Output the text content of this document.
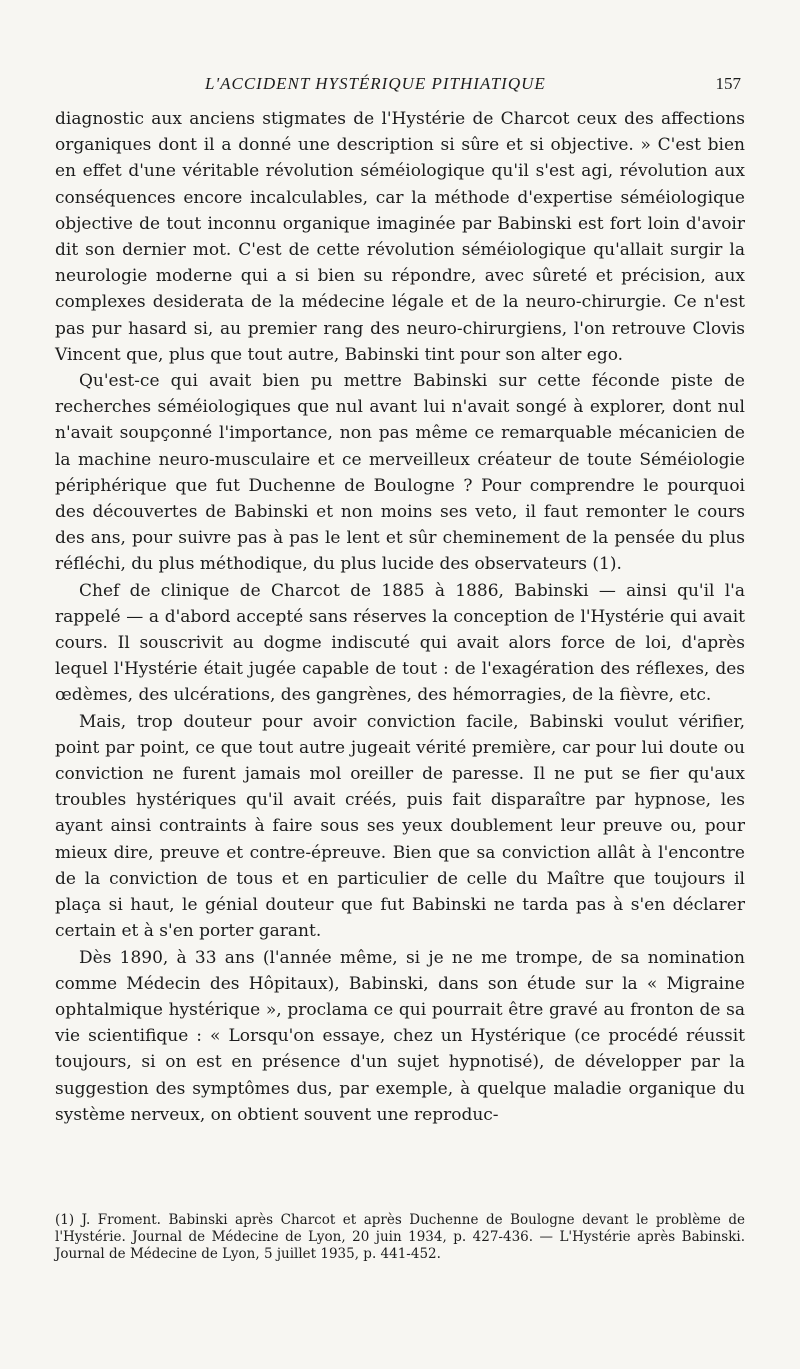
L'ACCIDENT HYSTÉRIQUE PITHIATIQUE	157

diagnostic aux anciens stigmates de l'Hystérie de Charcot ceux des affections organiques dont il a donné une description si sûre et si objective. » C'est bien en effet d'une véritable révolution séméiologique qu'il s'est agi, révolution aux conséquences encore incalculables, car la méthode d'expertise séméiologique objective de tout inconnu organique imaginée par Babinski est fort loin d'avoir dit son dernier mot. C'est de cette révolution séméiologique qu'allait surgir la neurologie moderne qui a si bien su répondre, avec sûreté et précision, aux complexes desiderata de la médecine légale et de la neuro-chirurgie. Ce n'est pas pur hasard si, au premier rang des neuro-chirurgiens, l'on retrouve Clovis Vincent que, plus que tout autre, Babinski tint pour son alter ego.

Qu'est-ce qui avait bien pu mettre Babinski sur cette féconde piste de recherches séméiologiques que nul avant lui n'avait songé à explorer, dont nul n'avait soupçonné l'importance, non pas même ce remarquable mécanicien de la machine neuro-musculaire et ce merveilleux créateur de toute Séméiologie périphérique que fut Duchenne de Boulogne ? Pour comprendre le pourquoi des découvertes de Babinski et non moins ses veto, il faut remonter le cours des ans, pour suivre pas à pas le lent et sûr cheminement de la pensée du plus réfléchi, du plus méthodique, du plus lucide des observateurs (1).

Chef de clinique de Charcot de 1885 à 1886, Babinski — ainsi qu'il l'a rappelé — a d'abord accepté sans réserves la conception de l'Hystérie qui avait cours. Il souscrivit au dogme indiscuté qui avait alors force de loi, d'après lequel l'Hystérie était jugée capable de tout : de l'exagération des réflexes, des œdèmes, des ulcérations, des gangrènes, des hémorragies, de la fièvre, etc.

Mais, trop douteur pour avoir conviction facile, Babinski voulut vérifier, point par point, ce que tout autre jugeait vérité première, car pour lui doute ou conviction ne furent jamais mol oreiller de paresse. Il ne put se fier qu'aux troubles hystériques qu'il avait créés, puis fait disparaître par hypnose, les ayant ainsi contraints à faire sous ses yeux doublement leur preuve ou, pour mieux dire, preuve et contre-épreuve. Bien que sa conviction allât à l'encontre de la conviction de tous et en particulier de celle du Maître que toujours il plaça si haut, le génial douteur que fut Babinski ne tarda pas à s'en déclarer certain et à s'en porter garant.

Dès 1890, à 33 ans (l'année même, si je ne me trompe, de sa nomination comme Médecin des Hôpitaux), Babinski, dans son étude sur la « Migraine ophtalmique hystérique », proclama ce qui pourrait être gravé au fronton de sa vie scientifique : « Lorsqu'on essaye, chez un Hystérique (ce procédé réussit toujours, si on est en présence d'un sujet hypnotisé), de développer par la suggestion des symptômes dus, par exemple, à quelque maladie organique du système nerveux, on obtient souvent une reproduc-

(1) J. Froment. Babinski après Charcot et après Duchenne de Boulogne devant le problème de l'Hystérie. Journal de Médecine de Lyon, 20 juin 1934, p. 427-436. — L'Hystérie après Babinski. Journal de Médecine de Lyon, 5 juillet 1935, p. 441-452.
